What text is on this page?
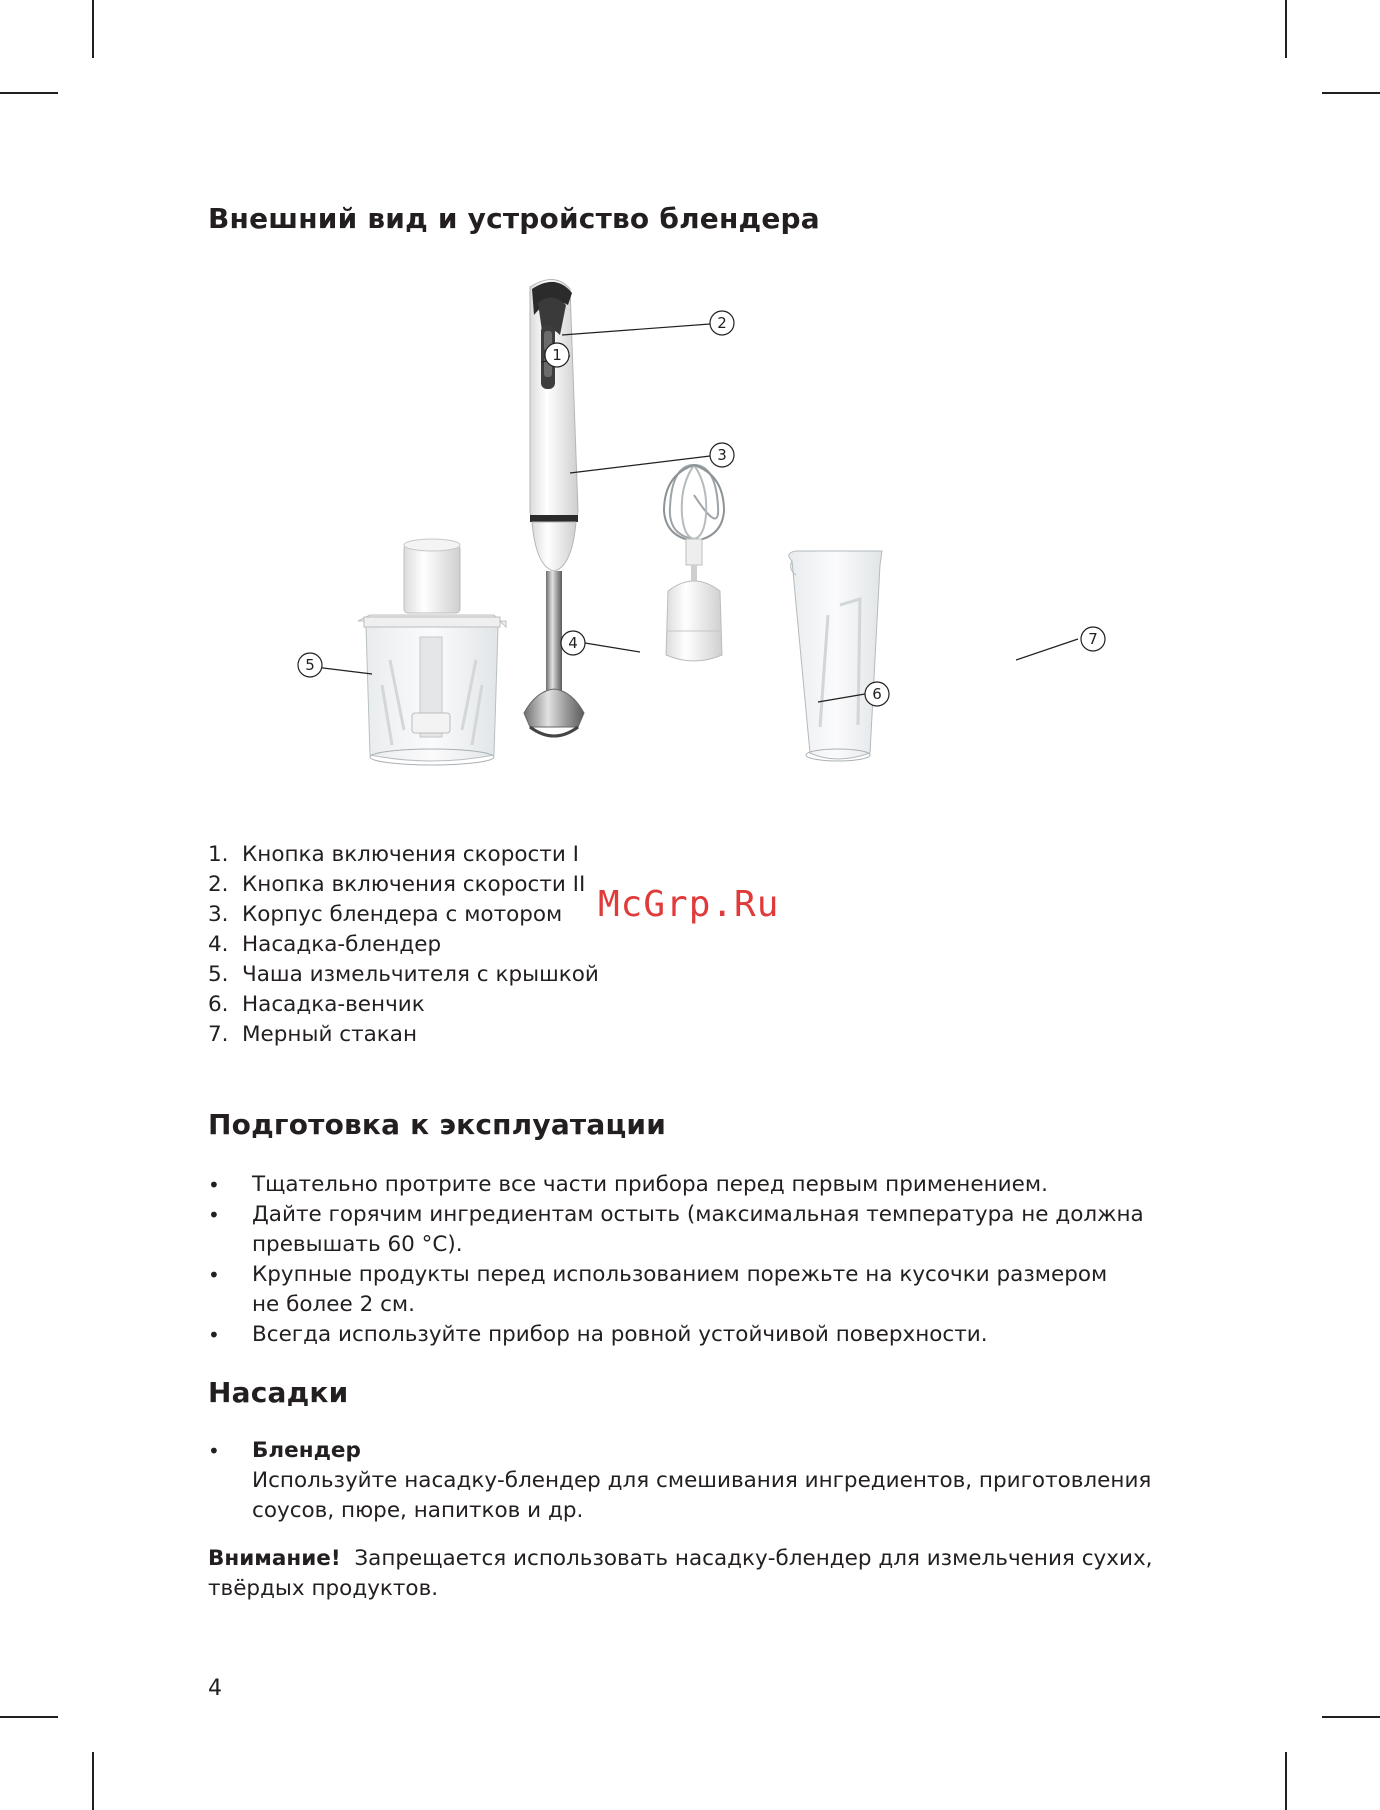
Внешний вид и устройство блендера
1
2
3
4
5
6
7
1. Кнопка включения скорости I
2. Кнопка включения скорости II
3. Корпус блендера с мотором
4. Насадка-блендер
5. Чаша измельчителя с крышкой
6. Насадка-венчик
7. Мерный стакан
McGrp.Ru
Подготовка к эксплуатации
• Тщательно протрите все части прибора перед первым применением.
• Дайте горячим ингредиентам остыть (максимальная температура не должна
превышать 60 °C).
• Крупные продукты перед использованием порежьте на кусочки размером
не более 2 см.
• Всегда используйте прибор на ровной устойчивой поверхности.
Насадки
• Блендер
Используйте насадку-блендер для смешивания ингредиентов, приготовления
соусов, пюре, напитков и др.

Внимание! Запрещается использовать насадку-блендер для измельчения сухих,
твёрдых продуктов.

4
